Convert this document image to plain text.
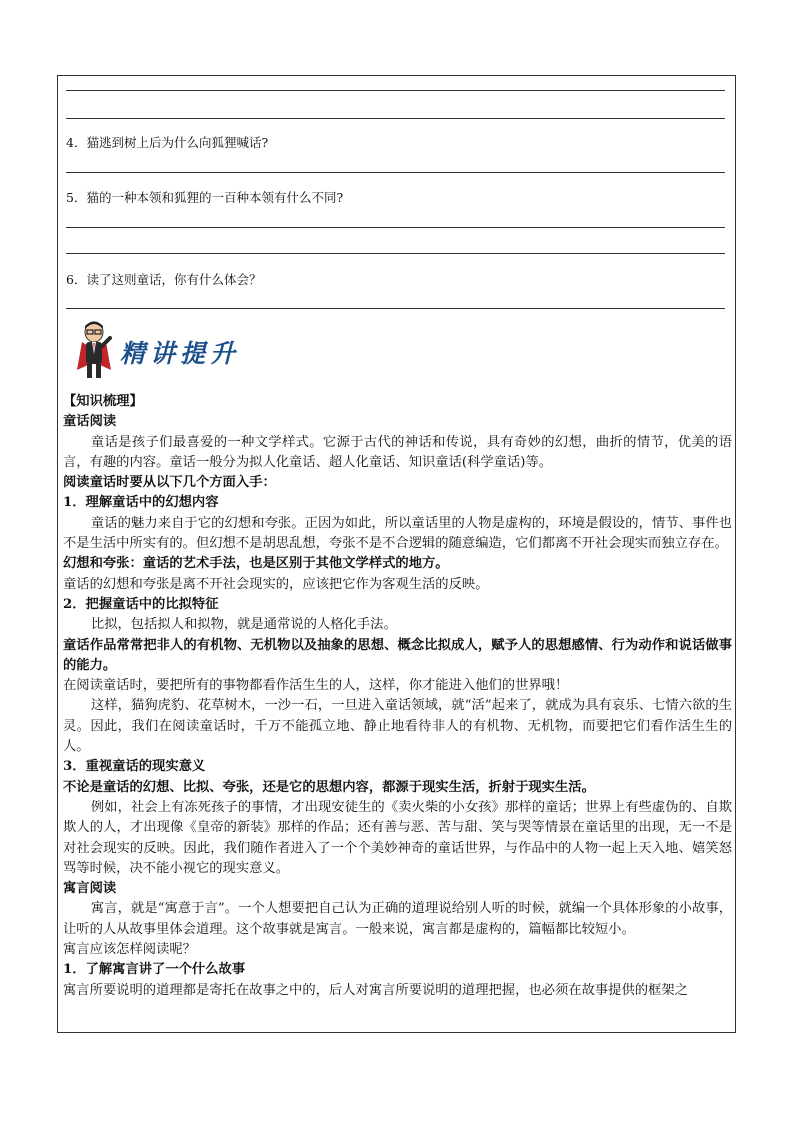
4．猫逃到树上后为什么向狐狸喊话?
5．猫的一种本领和狐狸的一百种本领有什么不同?
6．读了这则童话，你有什么体会？
精讲提升

【知识梳理】

童话阅读

童话是孩子们最喜爱的一种文学样式。它源于古代的神话和传说，具有奇妙的幻想，曲折的情节，优美的语言，有趣的内容。童话一般分为拟人化童话、超人化童话、知识童话(科学童话)等。

阅读童话时要从以下几个方面入手：

1．理解童话中的幻想内容

童话的魅力来自于它的幻想和夸张。正因为如此，所以童话里的人物是虚构的，环境是假设的，情节、事件也不是生活中所实有的。但幻想不是胡思乱想，夸张不是不合逻辑的随意编造，它们都离不开社会现实而独立存在。

幻想和夸张：童话的艺术手法，也是区别于其他文学样式的地方。

童话的幻想和夸张是离不开社会现实的，应该把它作为客观生活的反映。

2．把握童话中的比拟特征

比拟，包括拟人和拟物，就是通常说的人格化手法。

童话作品常常把非人的有机物、无机物以及抽象的思想、概念比拟成人，赋予人的思想感情、行为动作和说话做事的能力。

在阅读童话时，要把所有的事物都看作活生生的人，这样，你才能进入他们的世界哦！

这样，猫狗虎豹、花草树木，一沙一石，一旦进入童话领域，就“活”起来了，就成为具有哀乐、七情六欲的生灵。因此，我们在阅读童话时，千万不能孤立地、静止地看待非人的有机物、无机物，而要把它们看作活生生的人。

3．重视童话的现实意义

不论是童话的幻想、比拟、夸张，还是它的思想内容，都源于现实生活，折射于现实生活。

例如，社会上有冻死孩子的事情，才出现安徒生的《卖火柴的小女孩》那样的童话；世界上有些虚伪的、自欺欺人的人，才出现像《皇帝的新装》那样的作品；还有善与恶、苦与甜、笑与哭等情景在童话里的出现，无一不是对社会现实的反映。因此，我们随作者进入了一个个美妙神奇的童话世界，与作品中的人物一起上天入地、嬉笑怒骂等时候，决不能小视它的现实意义。

寓言阅读

寓言，就是“寓意于言”。一个人想要把自己认为正确的道理说给别人听的时候，就编一个具体形象的小故事，让听的人从故事里体会道理。这个故事就是寓言。一般来说，寓言都是虚构的，篇幅都比较短小。

寓言应该怎样阅读呢？

1．了解寓言讲了一个什么故事

寓言所要说明的道理都是寄托在故事之中的，后人对寓言所要说明的道理把握，也必须在故事提供的框架之
